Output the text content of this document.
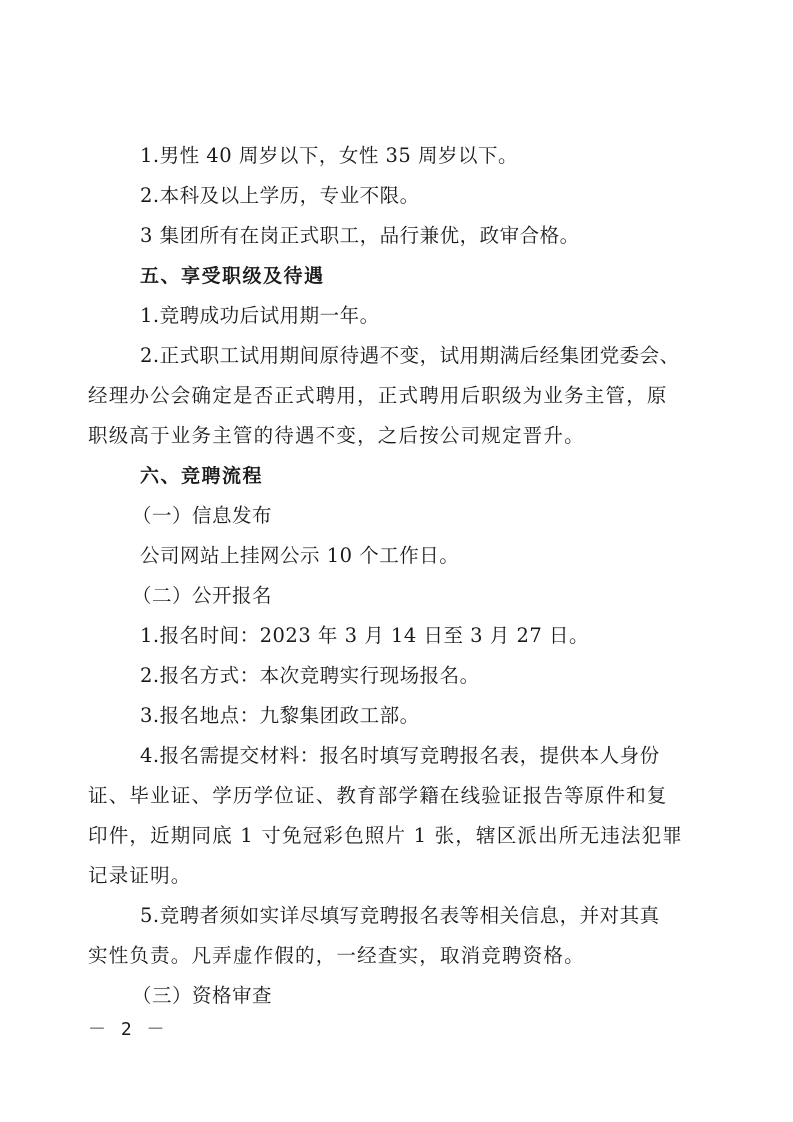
1.男性 40 周岁以下，女性 35 周岁以下。
2.本科及以上学历，专业不限。
3 集团所有在岗正式职工，品行兼优，政审合格。
五、享受职级及待遇
1.竞聘成功后试用期一年。
2.正式职工试用期间原待遇不变，试用期满后经集团党委会、
经理办公会确定是否正式聘用，正式聘用后职级为业务主管，原
职级高于业务主管的待遇不变，之后按公司规定晋升。
六、竞聘流程
（一）信息发布
公司网站上挂网公示 10 个工作日。
（二）公开报名
1.报名时间：2023 年 3 月 14 日至 3 月 27 日。
2.报名方式：本次竞聘实行现场报名。
3.报名地点：九黎集团政工部。
4.报名需提交材料：报名时填写竞聘报名表，提供本人身份
证、毕业证、学历学位证、教育部学籍在线验证报告等原件和复
印件，近期同底 1 寸免冠彩色照片 1 张，辖区派出所无违法犯罪
记录证明。
5.竞聘者须如实详尽填写竞聘报名表等相关信息，并对其真
实性负责。凡弄虚作假的，一经查实，取消竞聘资格。
（三）资格审查
－ 2 －
